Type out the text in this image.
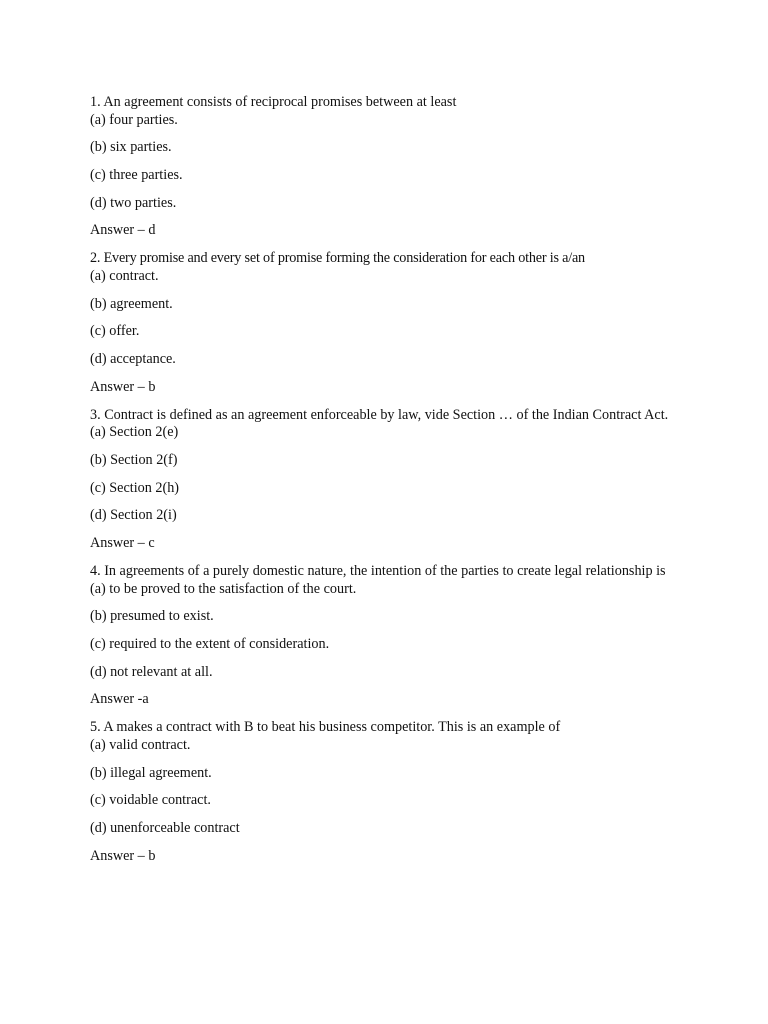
1. An agreement consists of reciprocal promises between at least

(a) four parties.

(b) six parties.

(c) three parties.

(d) two parties.

Answer – d

2. Every promise and every set of promise forming the consideration for each other is a/an

(a) contract.

(b) agreement.

(c) offer.

(d) acceptance.

Answer – b

3. Contract is defined as an agreement enforceable by law, vide Section … of the Indian Contract Act.

(a) Section 2(e)

(b) Section 2(f)

(c) Section 2(h)

(d) Section 2(i)

Answer – c

4. In agreements of a purely domestic nature, the intention of the parties to create legal relationship is

(a) to be proved to the satisfaction of the court.

(b) presumed to exist.

(c) required to the extent of consideration.

(d) not relevant at all.

Answer -a

5. A makes a contract with B to beat his business competitor. This is an example of

(a) valid contract.

(b) illegal agreement.

(c) voidable contract.

(d) unenforceable contract

Answer – b
